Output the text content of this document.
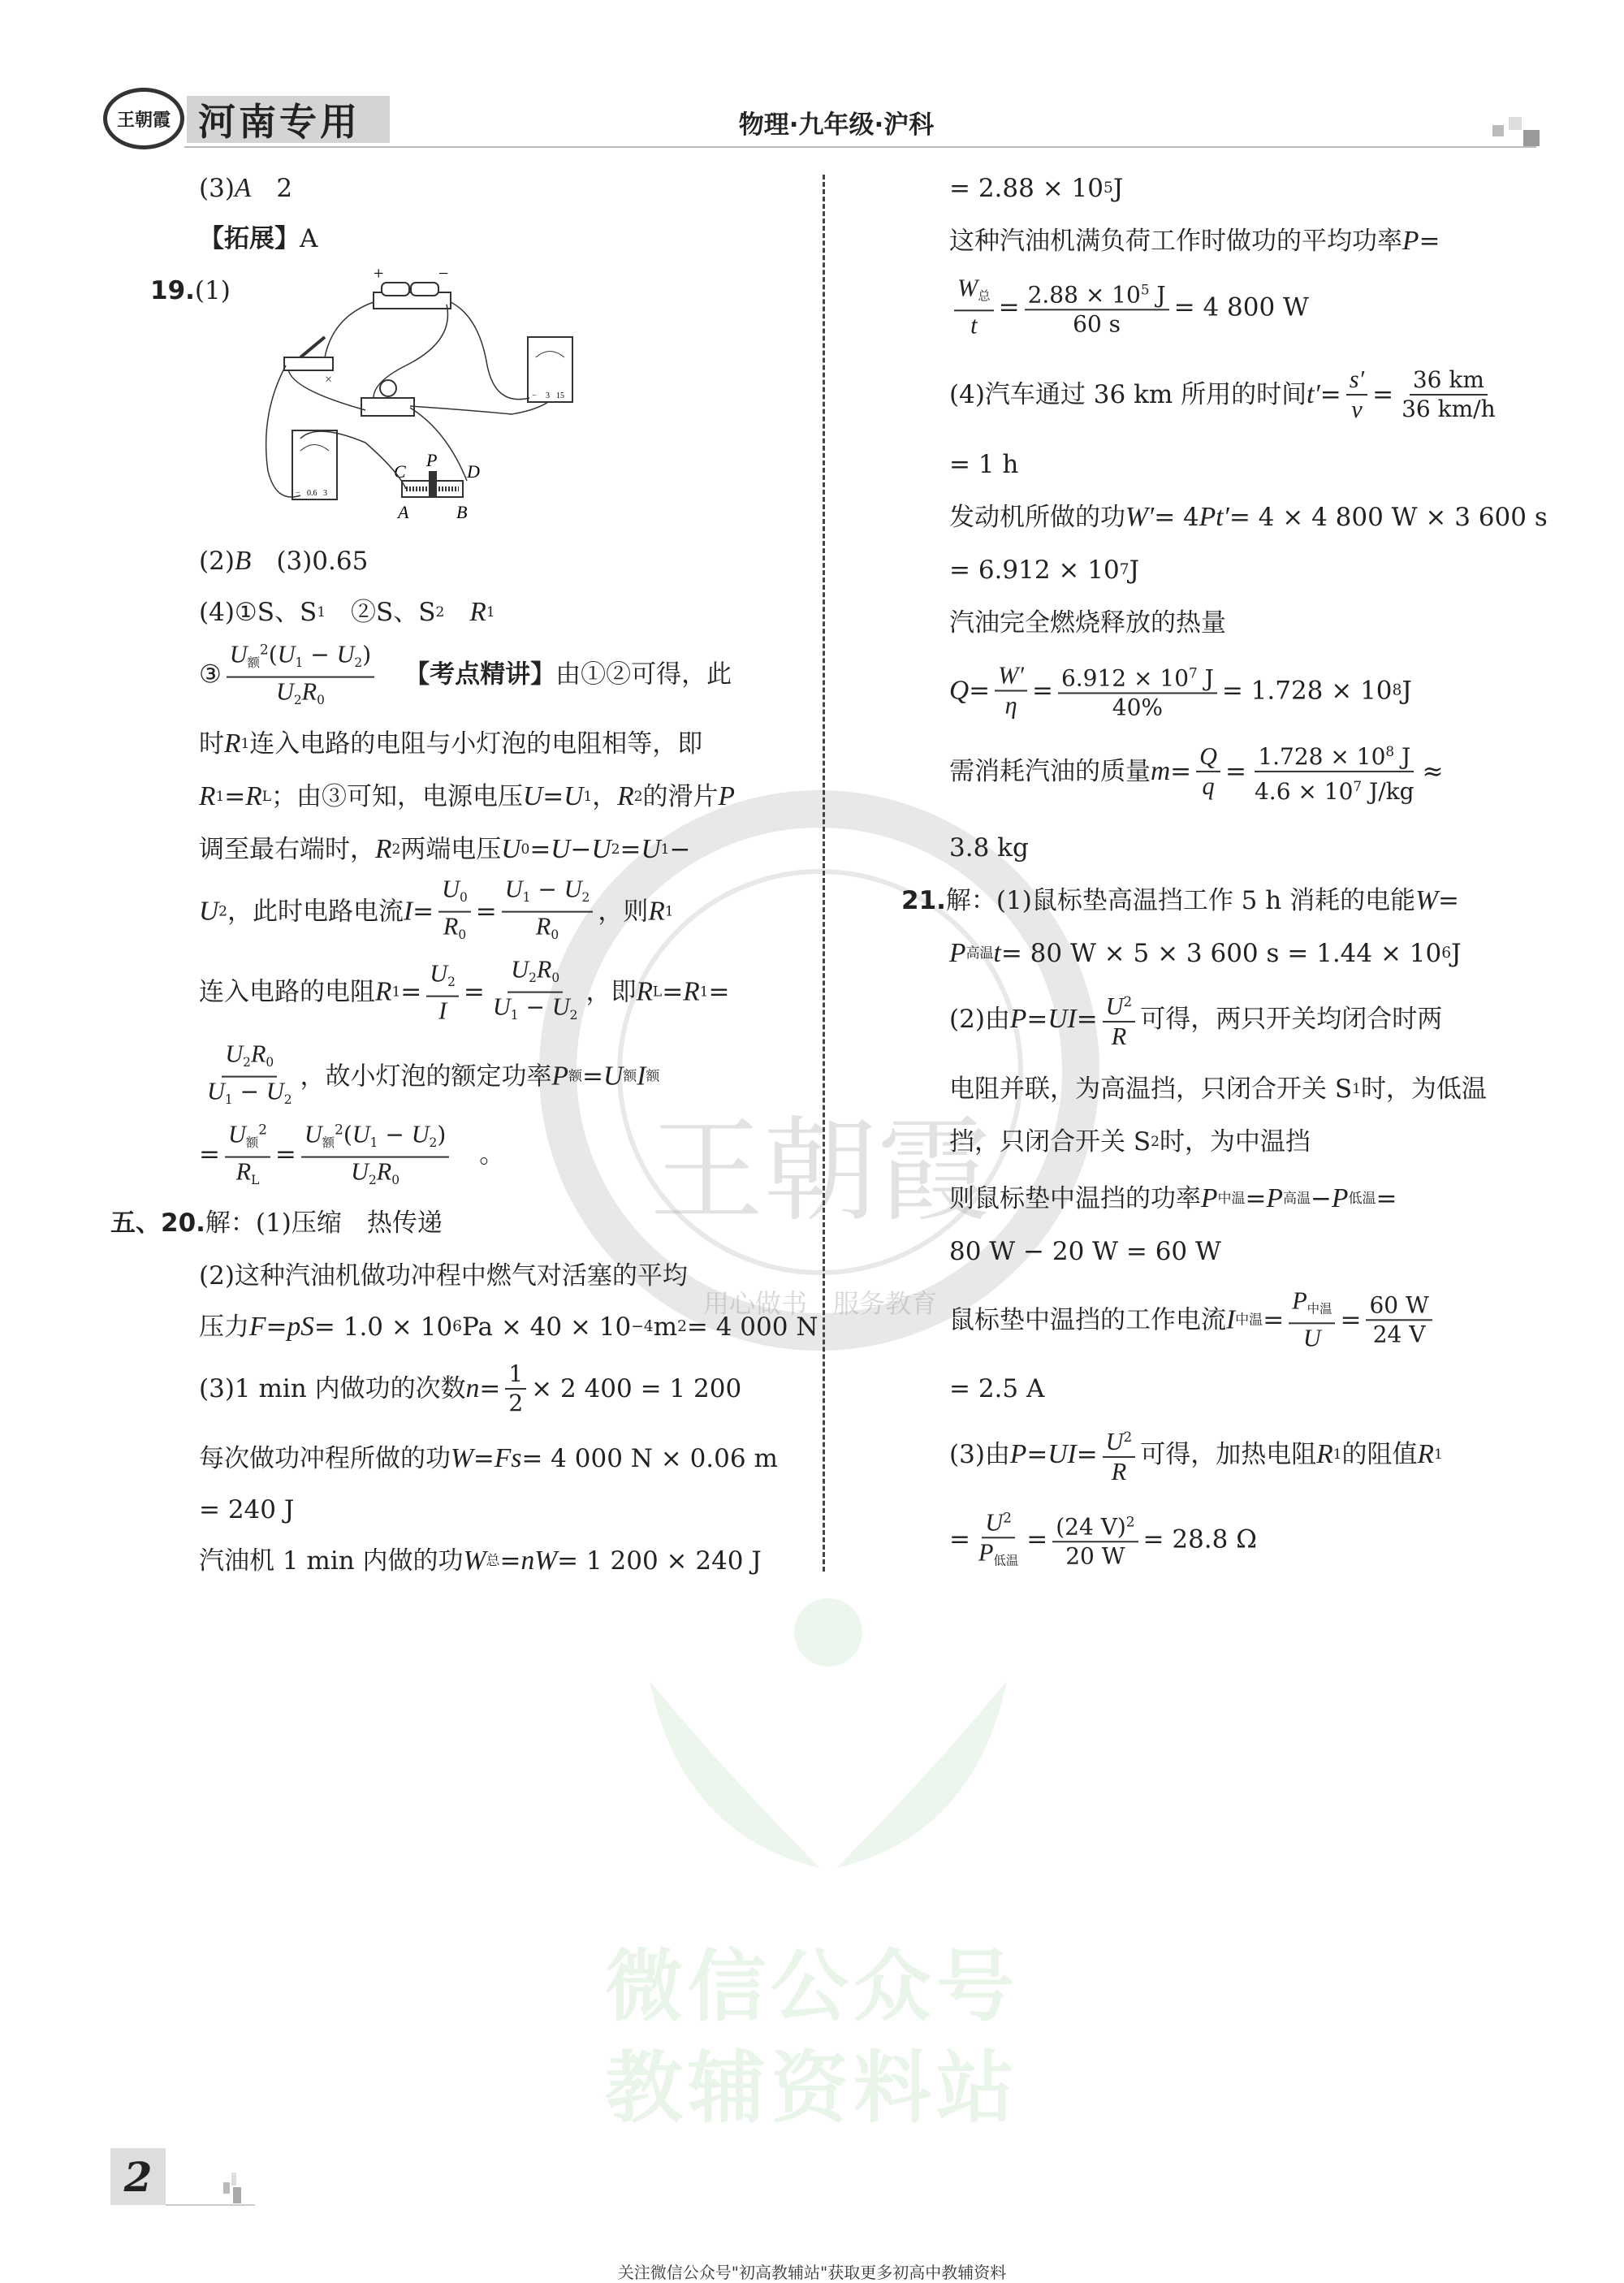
王朝霞
用心做书　服务教育
微信公众号
教辅资料站
王朝霞 河南专用	物理·九年级·沪科
+	−
− 3 15
− 0.6 3
C
P
D
A	B
×
(3) A 　2
【拓展】 A
19. (1)
(2) B 　(3)0.65
(4)①S、S 1 　②S、S 2
　 R 1
③ $\frac{U_额^2(U_1 - U_2)}{U_2R_0}$
　 【考点精讲】 由①②可得，此
时 R 1 连入电路的电阻与小灯泡的电阻相等，即
R 1 = R L ；由③可知，电源电压 U = U 1 ， R 2 的滑片 P
调至最右端时， R 2 两端电压 U 0 = U − U 2 = U 1 −
U 2 ，此时电路电流 $I = \frac{U_0}{R_0} = \frac{U_1 - U_2}{R_0}$ ，则 R 1
连入电路的电阻 R $1 = \frac{U_2}{I} = \frac{U_2R_0}{U_1 - U_2}$ ，即 R L = R 1 =
$\frac{U_2R_0}{U_1 - U_2}$ ，故小灯泡的额定功率 P 额 = U 额 I 额
= $\frac{U_额^2}{R_L} = \frac{U_额^2(U_1 - U_2)}{U_2R_0}$ 　。
五、20. 解：(1)压缩　热传递
(2)这种汽油机做功冲程中燃气对活塞的平均
压力 F = pS = 1.0 × 10 6 Pa × 40 × 10 −4 m 2 = 4 000 N
(3)1 min 内做功的次数 $n = \frac{1}{2} \times 2$ 400 = 1 200
每次做功冲程所做的功 W = Fs = 4 000 N × 0.06 m
= 240 J
汽油机 1 min 内做的功 W 总 = nW = 1 200 × 240 J
= 2.88 × 10 5 J
这种汽油机满负荷工作时做功的平均功率 P =
$\frac{W_总}{t} = \frac{2.88 \times 10^5 J}{60 s} = 4$ 800 W
(4)汽车通过 36 km 所用的时间 $t' = \frac{s'}{v} = \frac{36 km}{36 km/h}$
= 1 h
发动机所做的功 W′ = 4 Pt′ = 4 × 4 800 W × 3 600 s
= 6.912 × 10 7 J
汽油完全燃烧释放的热量
$Q = \frac{W'}{\eta} = \frac{6.912 \times 10^7 J}{40\%} = 1.728 \times 10$ 8 J
需消耗汽油的质量 $m = \frac{Q}{q} = \frac{1.728 \times 10^8 J}{4.6 \times 10^7 J/kg}$ ≈
3.8 kg
21. 解：(1)鼠标垫高温挡工作 5 h 消耗的电能 W =
P 高温 t = 80 W × 5 × 3 600 s = 1.44 × 10 6 J
(2)由 P = UI = $\frac{U^2}{R}$ 可得，两只开关均闭合时两
电阻并联，为高温挡，只闭合开关 S 1 时，为低温
挡，只闭合开关 S 2 时，为中温挡
则鼠标垫中温挡的功率 P 中温 = P 高温 − P 低温 =
80 W − 20 W = 60 W
鼠标垫中温挡的工作电流 I 中温 = $\frac{P_{中温}}{U} = \frac{60 W}{24 V}$
= 2.5 A
(3)由 P = UI = $\frac{U^2}{R}$ 可得，加热电阻 R 1 的阻值 R 1
= $\frac{U^2}{P_{低温}} = \frac{(24 V)^2}{20 W} = 28.8$ Ω
2
关注微信公众号"初高教辅站"获取更多初高中教辅资料
